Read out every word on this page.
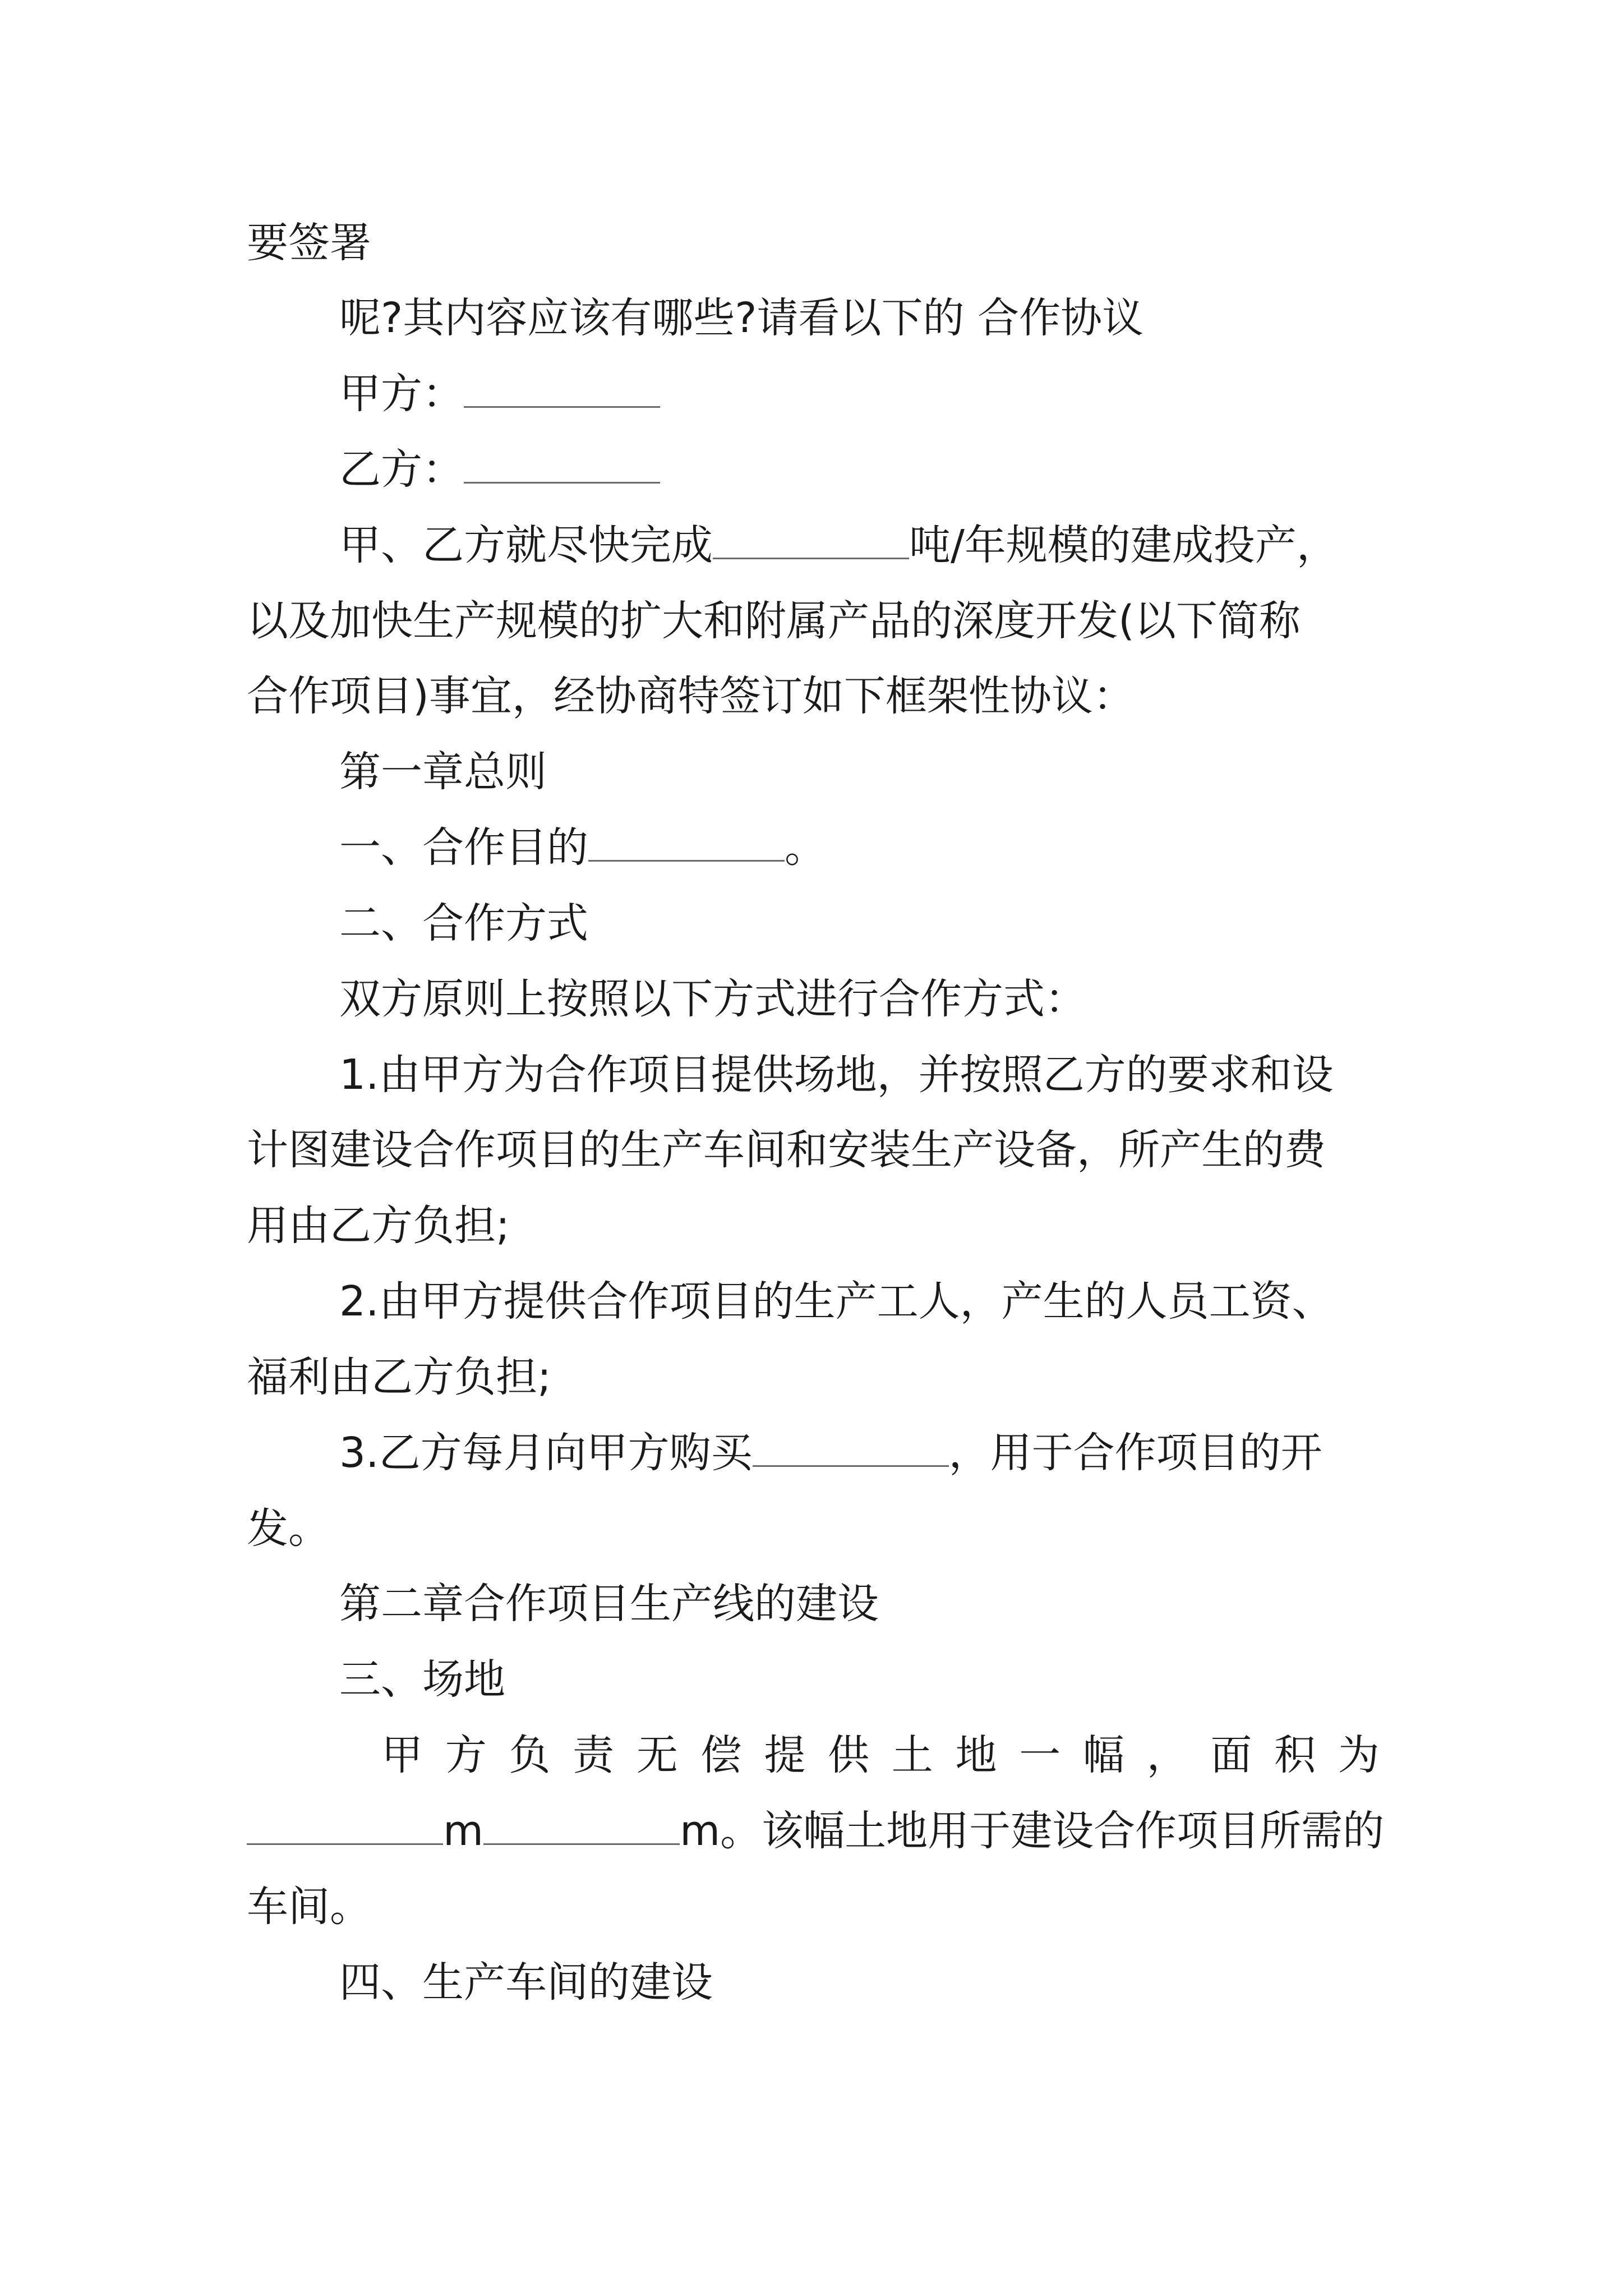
要签署
呢?其内容应该有哪些?请看以下的 合作协议
甲方：
乙方：
甲、乙方就尽快完成	吨/年规模的建成投产，
以及加快生产规模的扩大和附属产品的深度开发(以下简称
合作项目)事宜，经协商特签订如下框架性协议：
第一章总则
一、合作目的	。
二、合作方式
双方原则上按照以下方式进行合作方式：
1.由甲方为合作项目提供场地，并按照乙方的要求和设
计图建设合作项目的生产车间和安装生产设备，所产生的费
用由乙方负担;
2.由甲方提供合作项目的生产工人，产生的人员工资、
福利由乙方负担;
3.乙方每月向甲方购买	，用于合作项目的开
发。
第二章合作项目生产线的建设
三、场地
甲 方 负 责 无 偿 提 供 土 地 一 幅 ， 面 积 为
m	m。该幅土地用于建设合作项目所需的
车间。
四、生产车间的建设
